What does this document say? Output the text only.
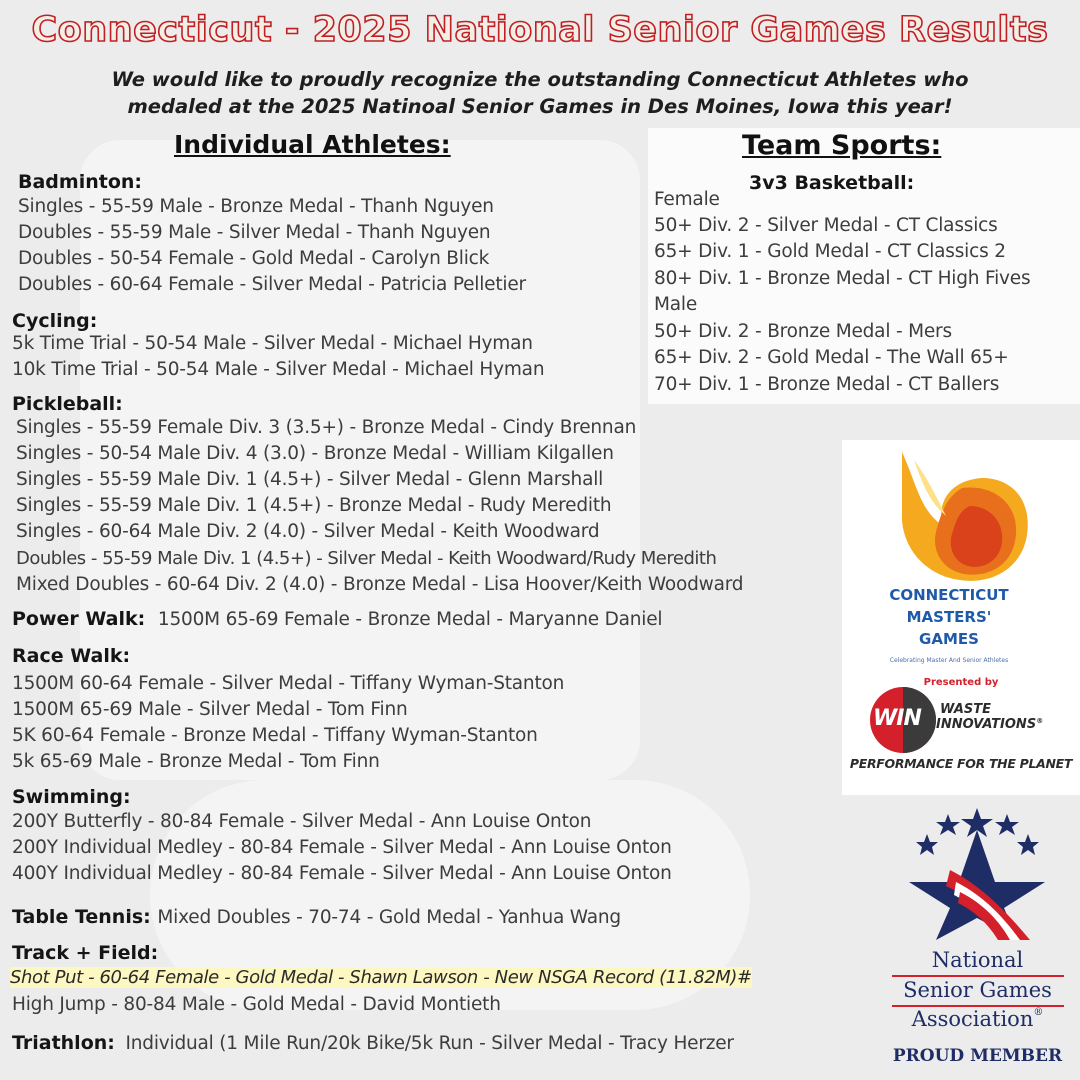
Connecticut - 2025 National Senior Games Results
We would like to proudly recognize the outstanding Connecticut Athletes who
medaled at the 2025 Natinoal Senior Games in Des Moines, Iowa this year!
Individual Athletes:	Team Sports:
Badminton:
Singles - 55-59 Male - Bronze Medal - Thanh Nguyen
Doubles - 55-59 Male - Silver Medal - Thanh Nguyen
Doubles - 50-54 Female - Gold Medal - Carolyn Blick
Doubles - 60-64 Female - Silver Medal - Patricia Pelletier
Cycling:
5k Time Trial - 50-54 Male - Silver Medal - Michael Hyman
10k Time Trial - 50-54 Male - Silver Medal - Michael Hyman
Pickleball:
Singles - 55-59 Female Div. 3 (3.5+) - Bronze Medal - Cindy Brennan
Singles - 50-54 Male Div. 4 (3.0) - Bronze Medal - William Kilgallen
Singles - 55-59 Male Div. 1 (4.5+) - Silver Medal - Glenn Marshall
Singles - 55-59 Male Div. 1 (4.5+) - Bronze Medal - Rudy Meredith
Singles - 60-64 Male Div. 2 (4.0) - Silver Medal - Keith Woodward
Doubles - 55-59 Male Div. 1 (4.5+) - Silver Medal - Keith Woodward/Rudy Meredith
Mixed Doubles - 60-64 Div. 2 (4.0) - Bronze Medal - Lisa Hoover/Keith Woodward
Power Walk: 1500M 65-69 Female - Bronze Medal - Maryanne Daniel
Race Walk:
1500M 60-64 Female - Silver Medal - Tiffany Wyman-Stanton
1500M 65-69 Male - Silver Medal - Tom Finn
5K 60-64 Female - Bronze Medal - Tiffany Wyman-Stanton
5k 65-69 Male - Bronze Medal - Tom Finn
Swimming:
200Y Butterfly - 80-84 Female - Silver Medal - Ann Louise Onton
200Y Individual Medley - 80-84 Female - Silver Medal - Ann Louise Onton
400Y Individual Medley - 80-84 Female - Silver Medal - Ann Louise Onton
Table Tennis: Mixed Doubles - 70-74 - Gold Medal - Yanhua Wang
Track + Field:
Shot Put - 60-64 Female - Gold Medal - Shawn Lawson - New NSGA Record (11.82M)#
High Jump - 80-84 Male - Gold Medal - David Montieth
Triathlon: Individual (1 Mile Run/20k Bike/5k Run - Silver Medal - Tracy Herzer
3v3 Basketball:
Female
50+ Div. 2 - Silver Medal - CT Classics
65+ Div. 1 - Gold Medal - CT Classics 2
80+ Div. 1 - Bronze Medal - CT High Fives
Male
50+ Div. 2 - Bronze Medal - Mers
65+ Div. 2 - Gold Medal - The Wall 65+
70+ Div. 1 - Bronze Medal - CT Ballers
CONNECTICUT
MASTERS'
GAMES
Celebrating Master And Senior Athletes
Presented by
WIN WASTE
INNOVATIONS®
PERFORMANCE FOR THE PLANET
National
Senior Games
Association®
PROUD MEMBER
